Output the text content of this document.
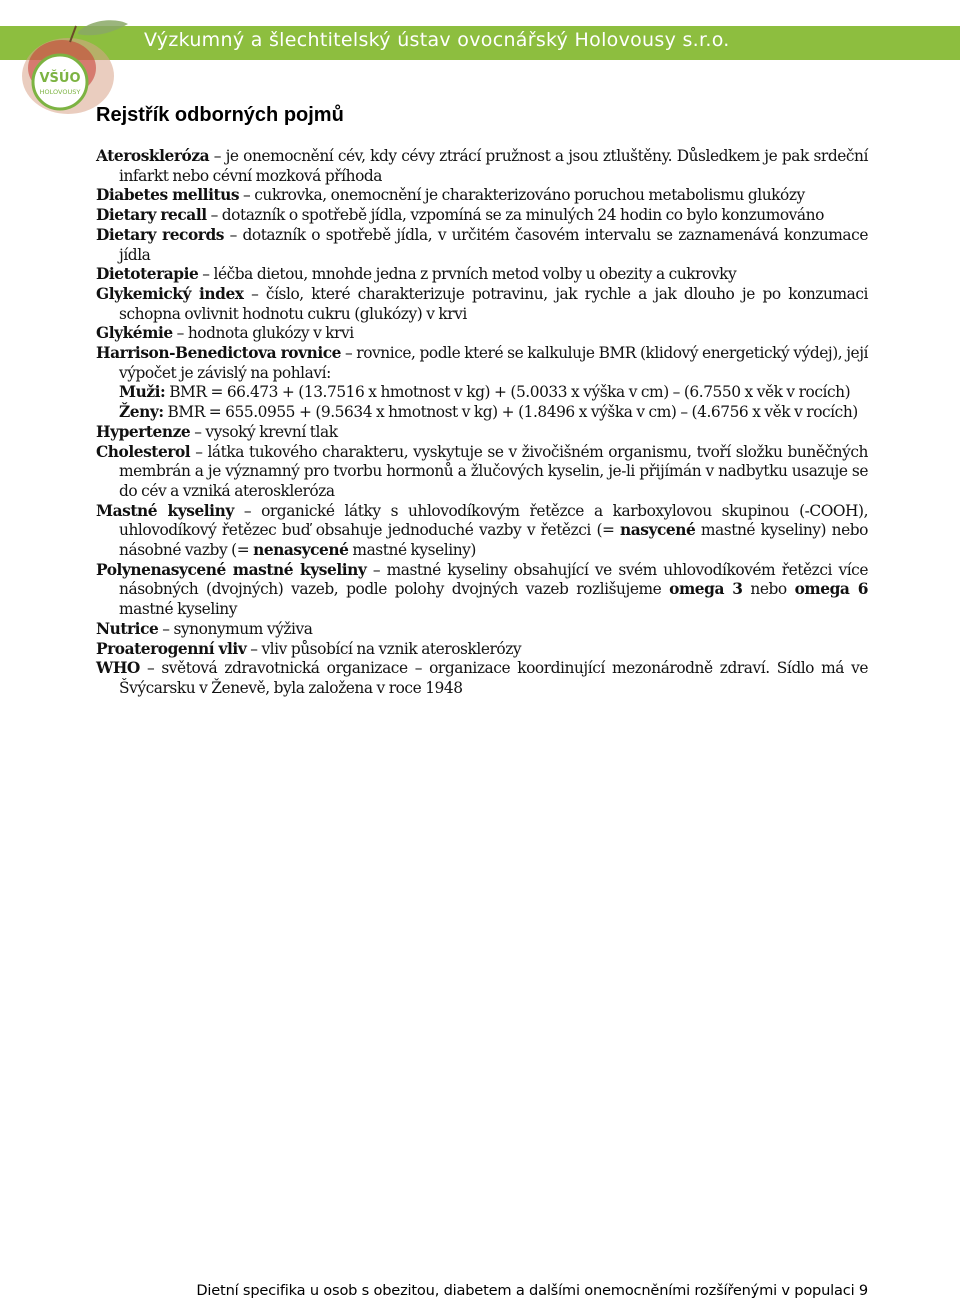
Výzkumný a šlechtitelský ústav ovocnářský Holovousy s.r.o.
VŠÚO
HOLOVOUSY
Rejstřík odborných pojmů
Ateroskleróza – je onemocnění cév, kdy cévy ztrácí pružnost a jsou ztluštěny. Důsledkem je pak srdeční infarkt nebo cévní mozková příhoda
Diabetes mellitus – cukrovka, onemocnění je charakterizováno poruchou metabolismu glukózy
Dietary recall – dotazník o spotřebě jídla, vzpomíná se za minulých 24 hodin co bylo konzumováno
Dietary records – dotazník o spotřebě jídla, v určitém časovém intervalu se zaznamenává konzumace jídla
Dietoterapie – léčba dietou, mnohde jedna z prvních metod volby u obezity a cukrovky
Glykemický index – číslo, které charakterizuje potravinu, jak rychle a jak dlouho je po konzumaci schopna ovlivnit hodnotu cukru (glukózy) v krvi
Glykémie – hodnota glukózy v krvi
Harrison-Benedictova rovnice – rovnice, podle které se kalkuluje BMR (klidový energetický výdej), její výpočet je závislý na pohlaví:
Muži: BMR = 66.473 + (13.7516 x hmotnost v kg) + (5.0033 x výška v cm) – (6.7550 x věk v rocích)
Ženy: BMR = 655.0955 + (9.5634 x hmotnost v kg) + (1.8496 x výška v cm) – (4.6756 x věk v rocích)
Hypertenze – vysoký krevní tlak
Cholesterol – látka tukového charakteru, vyskytuje se v živočišném organismu, tvoří složku buněčných membrán a je významný pro tvorbu hormonů a žlučových kyselin, je-li přijímán v nadbytku usazuje se do cév a vzniká ateroskleróza
Mastné kyseliny – organické látky s uhlovodíkovým řetězce a karboxylovou skupinou (-COOH), uhlovodíkový řetězec buď obsahuje jednoduché vazby v řetězci (= nasycené mastné kyseliny) nebo násobné vazby (= nenasycené mastné kyseliny)
Polynenasycené mastné kyseliny – mastné kyseliny obsahující ve svém uhlovodíkovém řetězci více násobných (dvojných) vazeb, podle polohy dvojných vazeb rozlišujeme omega 3 nebo omega 6 mastné kyseliny
Nutrice – synonymum výživa
Proaterogenní vliv – vliv působící na vznik aterosklerózy
WHO – světová zdravotnická organizace – organizace koordinující mezonárodně zdraví. Sídlo má ve Švýcarsku v Ženevě, byla založena v roce 1948
Dietní specifika u osob s obezitou, diabetem a dalšími onemocněními rozšířenými v populaci 9
